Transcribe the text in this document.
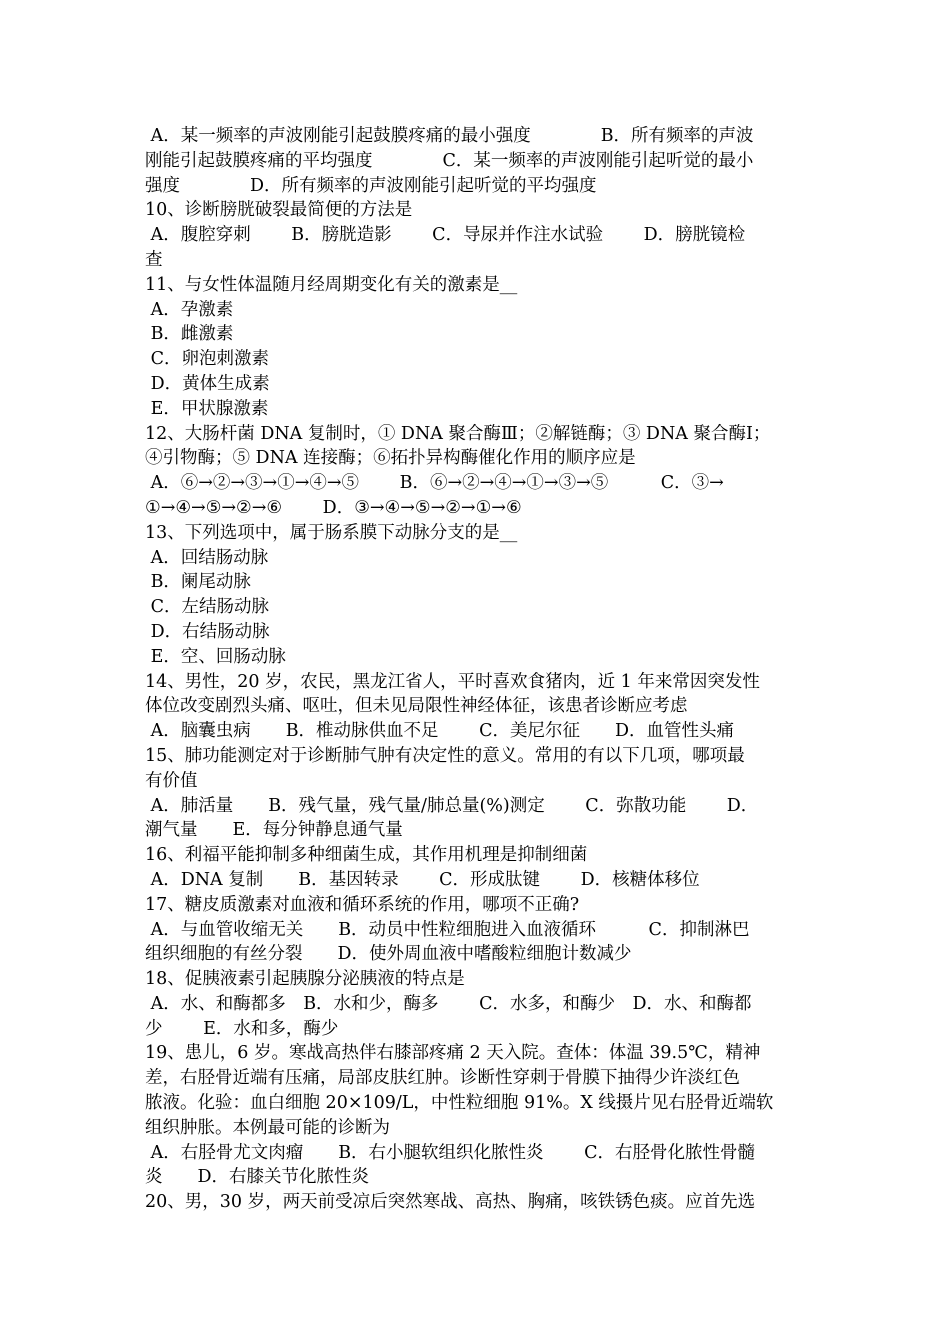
A．某一频率的声波刚能引起鼓膜疼痛的最小强度　　　　B．所有频率的声波
刚能引起鼓膜疼痛的平均强度　　　　C．某一频率的声波刚能引起听觉的最小
强度　　　　D．所有频率的声波刚能引起听觉的平均强度
10、诊断膀胱破裂最简便的方法是
A．腹腔穿刺　　 B．膀胱造影　　 C．导尿并作注水试验　　 D．膀胱镜检
查
11、与女性体温随月经周期变化有关的激素是__
A．孕激素
B．雌激素
C．卵泡刺激素
D．黄体生成素
E．甲状腺激素
12、大肠杆菌 DNA 复制时，① DNA 聚合酶Ⅲ；②解链酶；③ DNA 聚合酶Ⅰ；
④引物酶；⑤ DNA 连接酶；⑥拓扑异构酶催化作用的顺序应是
A．⑥→②→③→①→④→⑤　　 B．⑥→②→④→①→③→⑤　　　C．③→
①→④→⑤→②→⑥　　 D．③→④→⑤→②→①→⑥
13、下列选项中，属于肠系膜下动脉分支的是__
A．回结肠动脉
B．阑尾动脉
C．左结肠动脉
D．右结肠动脉
E．空、回肠动脉
14、男性，20 岁，农民，黑龙江省人，平时喜欢食猪肉，近 1 年来常因突发性
体位改变剧烈头痛、呕吐，但未见局限性神经体征，该患者诊断应考虑
A．脑囊虫病　　B．椎动脉供血不足　　 C．美尼尔征　　D．血管性头痛
15、肺功能测定对于诊断肺气肿有决定性的意义。常用的有以下几项，哪项最
有价值
A．肺活量　　B．残气量，残气量/肺总量(%)测定　　 C．弥散功能　　 D．
潮气量　　E．每分钟静息通气量
16、利福平能抑制多种细菌生成，其作用机理是抑制细菌
A．DNA 复制　　B．基因转录　　 C．形成肽键　　 D．核糖体移位
17、糖皮质激素对血液和循环系统的作用，哪项不正确?
A．与血管收缩无关　　B．动员中性粒细胞进入血液循环　　　C．抑制淋巴
组织细胞的有丝分裂　　D．使外周血液中嗜酸粒细胞计数减少
18、促胰液素引起胰腺分泌胰液的特点是
A．水、和酶都多　B．水和少，酶多　　 C．水多，和酶少　D．水、和酶都
少　　 E．水和多，酶少
19、患儿，6 岁。寒战高热伴右膝部疼痛 2 天入院。查体：体温 39.5℃，精神
差，右胫骨近端有压痛，局部皮肤红肿。诊断性穿刺于骨膜下抽得少许淡红色
脓液。化验：血白细胞 20×109/L，中性粒细胞 91%。X 线摄片见右胫骨近端软
组织肿胀。本例最可能的诊断为
A．右胫骨尤文肉瘤　　B．右小腿软组织化脓性炎　　 C．右胫骨化脓性骨髓
炎　　D．右膝关节化脓性炎
20、男，30 岁，两天前受凉后突然寒战、高热、胸痛，咳铁锈色痰。应首先选
